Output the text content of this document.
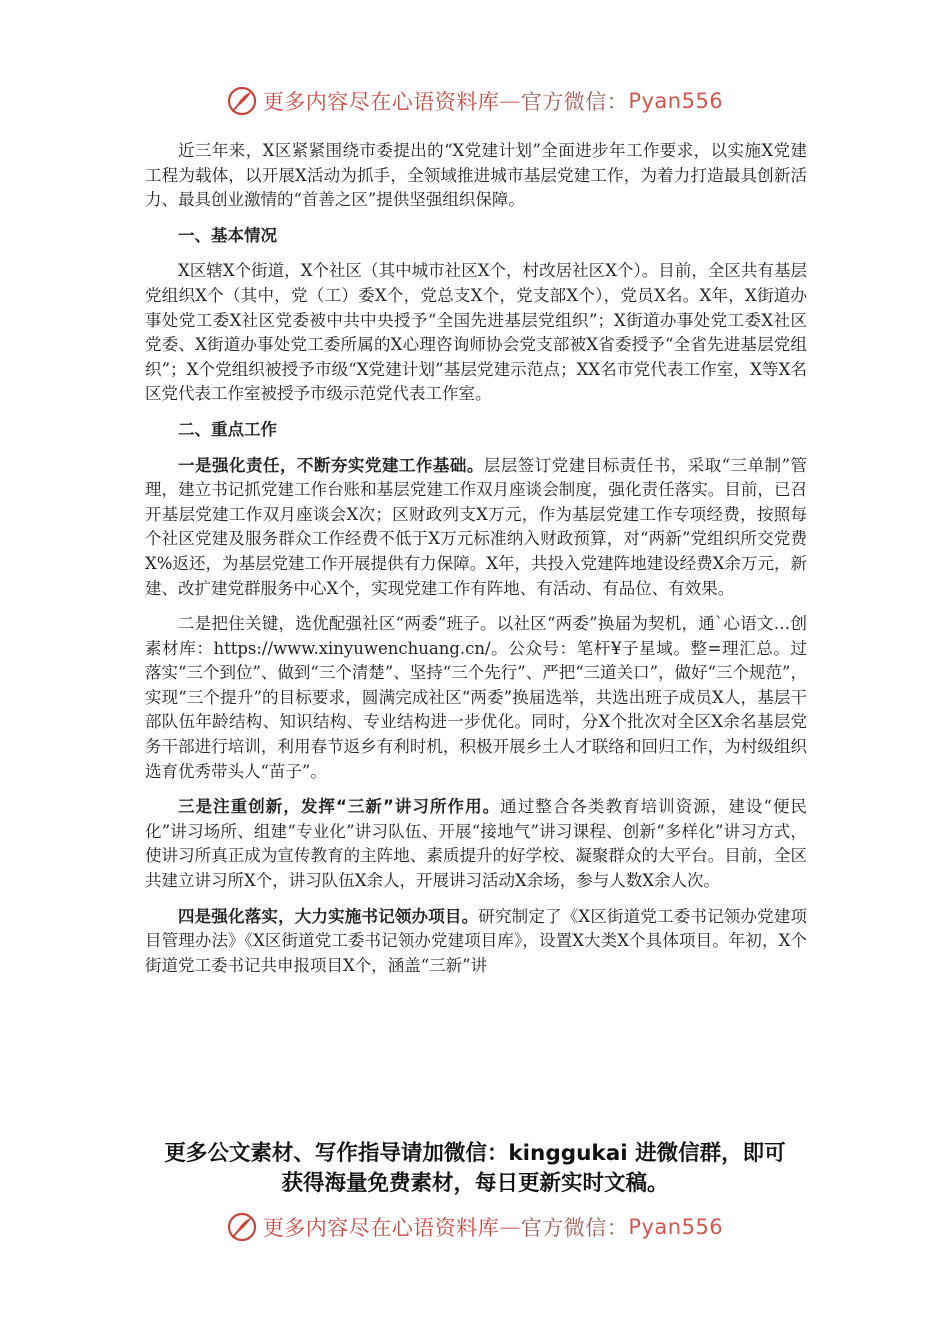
更多内容尽在心语资料库 — 官方微信： Pyan556

近三年来，X区紧紧围绕市委提出的“X党建计划”全面进步年工作要求，以实施X党建工程为载体，以开展X活动为抓手，全领域推进城市基层党建工作，为着力打造最具创新活力、最具创业激情的“首善之区”提供坚强组织保障。

一、基本情况

X区辖X个街道，X个社区（其中城市社区X个，村改居社区X个）。目前，全区共有基层党组织X个（其中，党（工）委X个，党总支X个，党支部X个），党员X名。X年，X街道办事处党工委X社区党委被中共中央授予“全国先进基层党组织”；X街道办事处党工委X社区党委、X街道办事处党工委所属的X心理咨询师协会党支部被X省委授予“全省先进基层党组织”；X个党组织被授予市级“X党建计划”基层党建示范点；XX名市党代表工作室，X等X名区党代表工作室被授予市级示范党代表工作室。

二、重点工作

一是强化责任，不断夯实党建工作基础。层层签订党建目标责任书，采取“三单制”管理，建立书记抓党建工作台账和基层党建工作双月座谈会制度，强化责任落实。目前，已召开基层党建工作双月座谈会X次；区财政列支X万元，作为基层党建工作专项经费，按照每个社区党建及服务群众工作经费不低于X万元标准纳入财政预算，对“两新”党组织所交党费X%返还，为基层党建工作开展提供有力保障。X年，共投入党建阵地建设经费X余万元，新建、改扩建党群服务中心X个，实现党建工作有阵地、有活动、有品位、有效果。

二是把住关键，选优配强社区“两委”班子。以社区“两委”换届为契机，通`心语文…创素材库：https://www.xinyuwenchuang.cn/。公众号：笔杆¥子星域。整=理汇总。过落实“三个到位”、做到“三个清楚”、坚持“三个先行”、严把“三道关口”，做好“三个规范”，实现“三个提升”的目标要求，圆满完成社区“两委”换届选举，共选出班子成员X人，基层干部队伍年龄结构、知识结构、专业结构进一步优化。同时，分X个批次对全区X余名基层党务干部进行培训，利用春节返乡有利时机，积极开展乡土人才联络和回归工作，为村级组织选育优秀带头人“苗子”。

三是注重创新，发挥“三新”讲习所作用。通过整合各类教育培训资源，建设“便民化”讲习场所、组建“专业化”讲习队伍、开展“接地气”讲习课程、创新“多样化”讲习方式，使讲习所真正成为宣传教育的主阵地、素质提升的好学校、凝聚群众的大平台。目前，全区共建立讲习所X个，讲习队伍X余人，开展讲习活动X余场，参与人数X余人次。

四是强化落实，大力实施书记领办项目。研究制定了《X区街道党工委书记领办党建项目管理办法》《X区街道党工委书记领办党建项目库》，设置X大类X个具体项目。年初，X个街道党工委书记共申报项目X个，涵盖“三新”讲

更多公文素材、写作指导请加微信：kinggukai 进微信群，即可
获得海量免费素材，每日更新实时文稿。
更多内容尽在心语资料库 — 官方微信： Pyan556
